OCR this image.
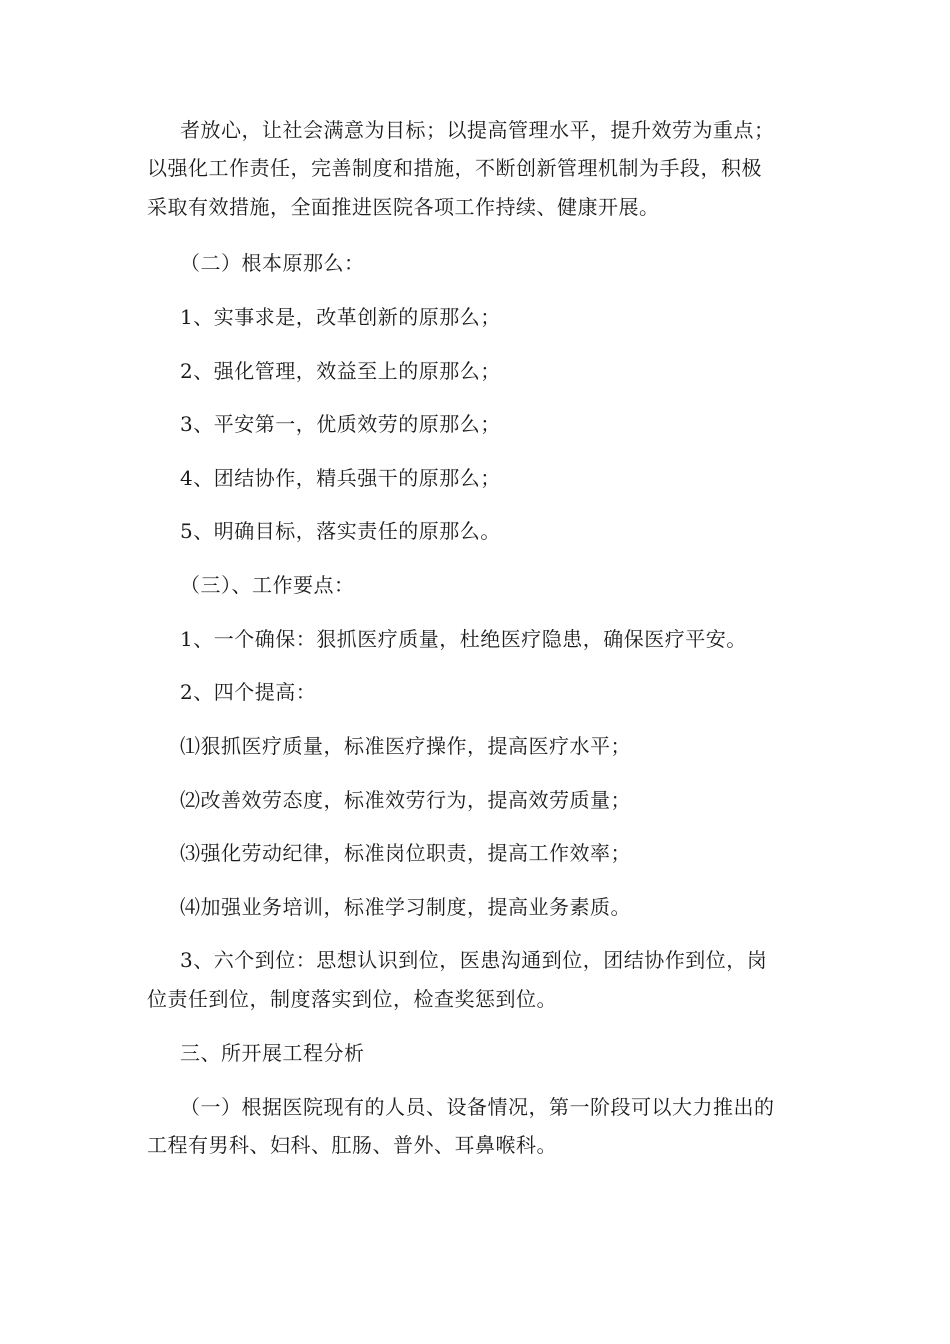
者放心，让社会满意为目标；以提高管理水平，提升效劳为重点；
以强化工作责任，完善制度和措施，不断创新管理机制为手段，积极
采取有效措施，全面推进医院各项工作持续、健康开展。
（二）根本原那么：
1、实事求是，改革创新的原那么；
2、强化管理，效益至上的原那么；
3、平安第一，优质效劳的原那么；
4、团结协作，精兵强干的原那么；
5、明确目标，落实责任的原那么。
（三）、工作要点：
1、一个确保：狠抓医疗质量，杜绝医疗隐患，确保医疗平安。
2、四个提高：
⑴狠抓医疗质量，标准医疗操作，提高医疗水平；
⑵改善效劳态度，标准效劳行为，提高效劳质量；
⑶强化劳动纪律，标准岗位职责，提高工作效率；
⑷加强业务培训，标准学习制度，提高业务素质。
3、六个到位：思想认识到位，医患沟通到位，团结协作到位，岗
位责任到位，制度落实到位，检查奖惩到位。
三、所开展工程分析
（一）根据医院现有的人员、设备情况，第一阶段可以大力推出的
工程有男科、妇科、肛肠、普外、耳鼻喉科。
